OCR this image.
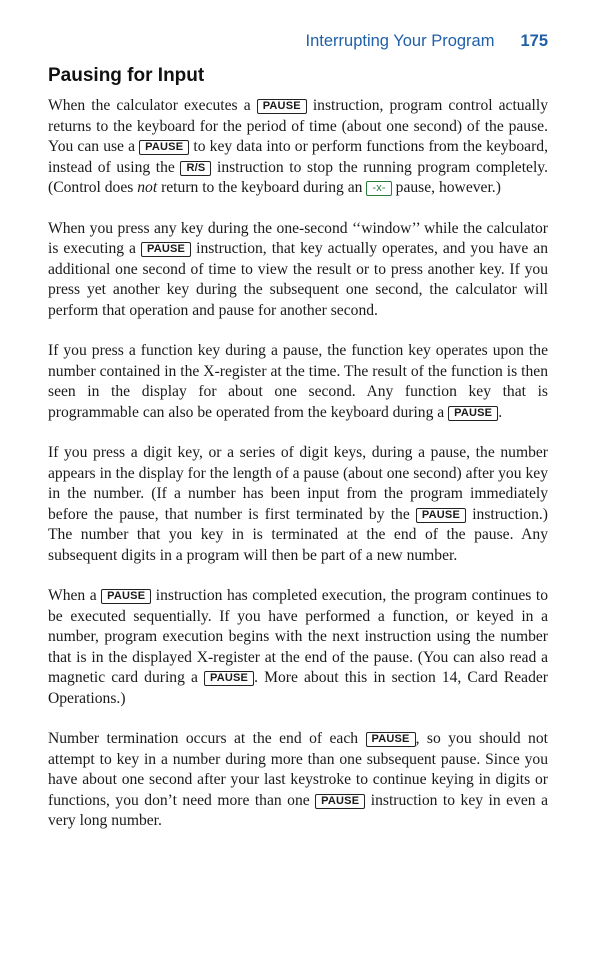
Interrupting Your Program 175
Pausing for Input

When the calculator executes a PAUSE instruction, program control actually returns to the keyboard for the period of time (about one second) of the pause. You can use a PAUSE to key data into or perform functions from the keyboard, instead of using the R/S instruction to stop the running program completely. (Control does not return to the keyboard during an -x- pause, however.)

When you press any key during the one-second ‘‘window’’ while the calculator is executing a PAUSE instruction, that key actually operates, and you have an additional one second of time to view the result or to press another key. If you press yet another key during the subsequent one second, the calculator will perform that operation and pause for another second.

If you press a function key during a pause, the function key operates upon the number contained in the X-register at the time. The result of the function is then seen in the display for about one second. Any function key that is programmable can also be operated from the keyboard during a PAUSE .

If you press a digit key, or a series of digit keys, during a pause, the number appears in the display for the length of a pause (about one second) after you key in the number. (If a number has been input from the program immediately before the pause, that number is first terminated by the PAUSE instruction.) The number that you key in is terminated at the end of the pause. Any subsequent digits in a program will then be part of a new number.

When a PAUSE instruction has completed execution, the program continues to be executed sequentially. If you have performed a function, or keyed in a number, program execution begins with the next instruction using the number that is in the displayed X-register at the end of the pause. (You can also read a magnetic card during a PAUSE . More about this in section 14, Card Reader Operations.)

Number termination occurs at the end of each PAUSE , so you should not attempt to key in a number during more than one subsequent pause. Since you have about one second after your last keystroke to continue keying in digits or functions, you don’t need more than one PAUSE instruction to key in even a very long number.
